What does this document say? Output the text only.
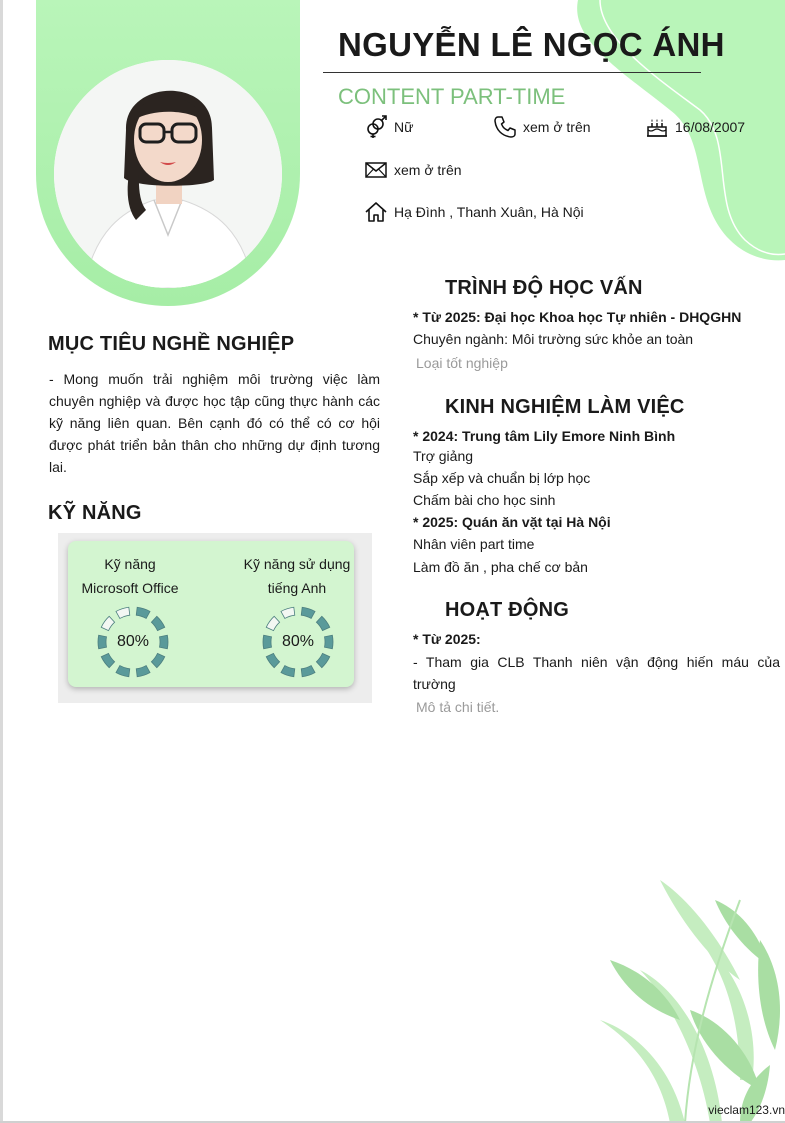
NGUYỄN LÊ NGỌC ÁNH
CONTENT PART-TIME
Nữ	xem ở trên	16/08/2007
xem ở trên
Hạ Đình , Thanh Xuân, Hà Nội
MỤC TIÊU NGHỀ NGHIỆP
- Mong muốn trải nghiệm môi trường việc làm chuyên nghiệp và được học tập cũng thực hành các kỹ năng liên quan. Bên cạnh đó có thể có cơ hội được phát triển bản thân cho những dự định tương lai.
KỸ NĂNG
Kỹ năng
Microsoft Office
Kỹ năng sử dụng
tiếng Anh
80%	80%
TRÌNH ĐỘ HỌC VẤN
* Từ 2025: Đại học Khoa học Tự nhiên - DHQGHN
Chuyên ngành: Môi trường sức khỏe an toàn
Loại tốt nghiệp
KINH NGHIỆM LÀM VIỆC
* 2024: Trung tâm Lily Emore Ninh Bình
Trợ giảng
Sắp xếp và chuẩn bị lớp học
Chấm bài cho học sinh
* 2025: Quán ăn vặt tại Hà Nội
Nhân viên part time
Làm đồ ăn , pha chế cơ bản
HOẠT ĐỘNG
* Từ 2025:
- Tham gia CLB Thanh niên vận động hiến máu của trường
Mô tả chi tiết.
vieclam123.vn
